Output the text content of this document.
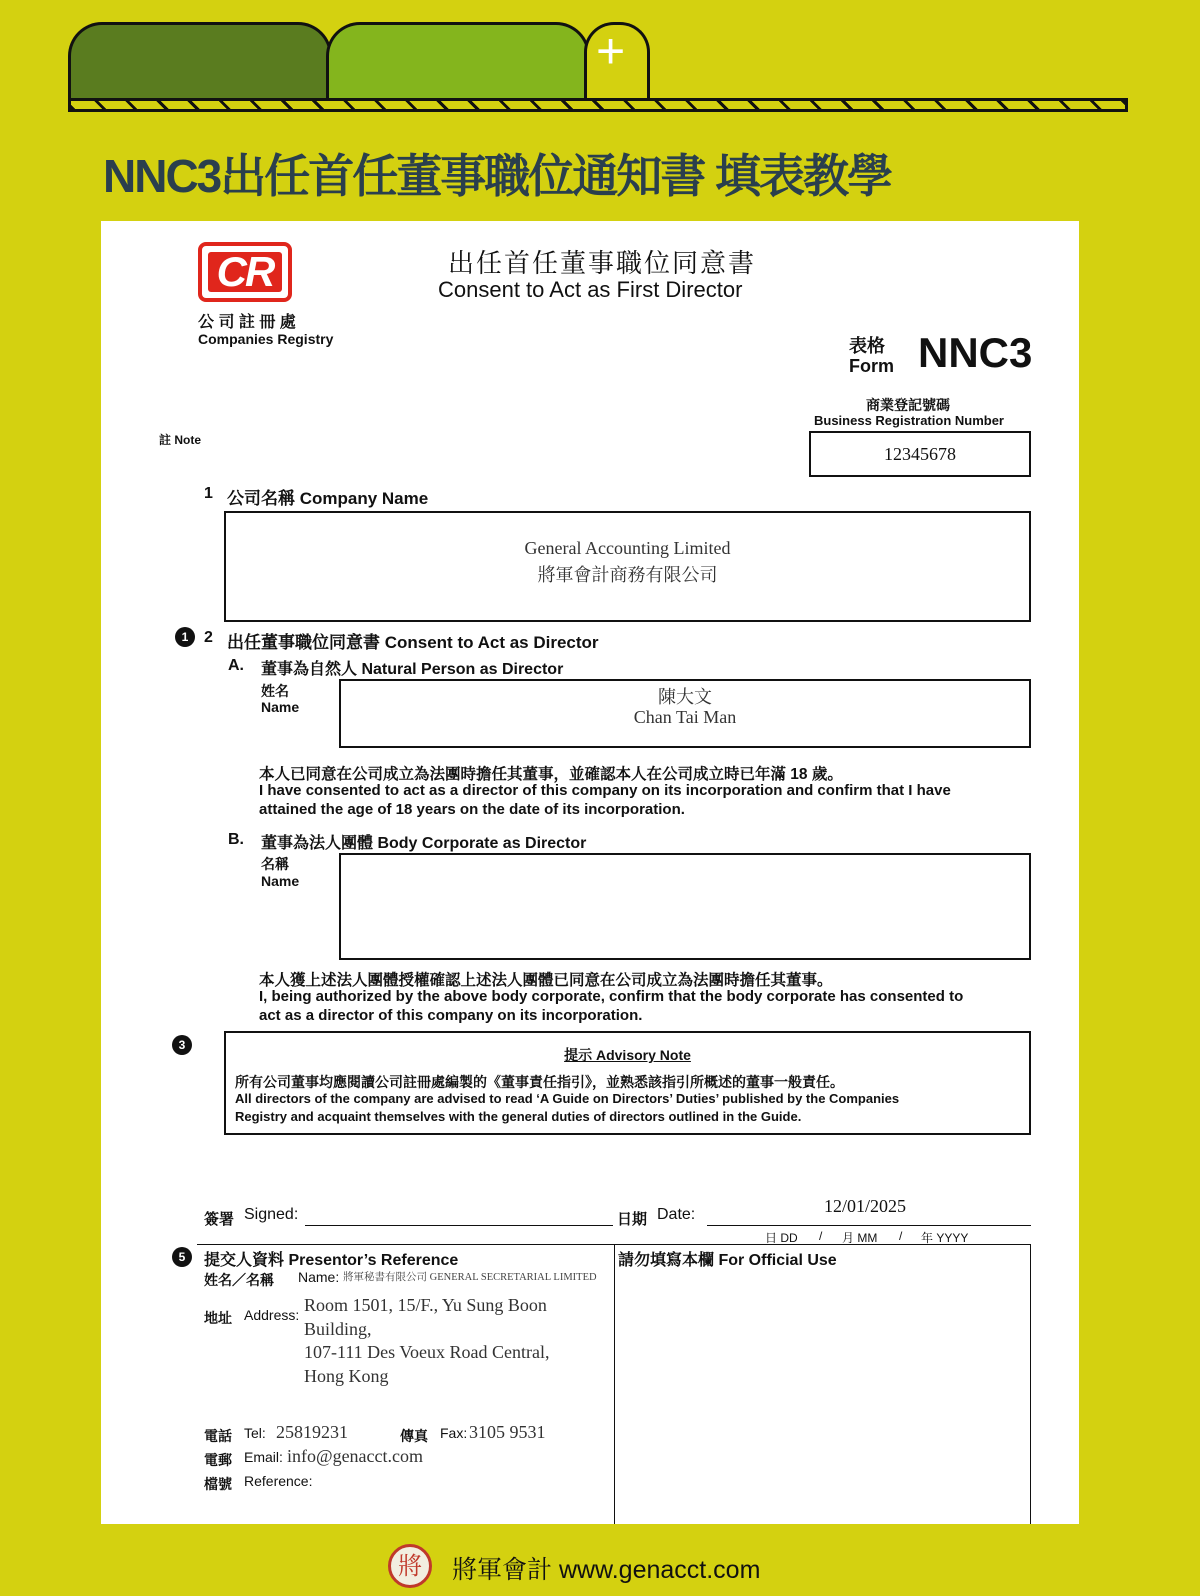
+
NNC3出任首任董事職位通知書 填表教學
CR
公 司 註 冊 處
Companies Registry
出任首任董事職位同意書
Consent to Act as First Director
表格
Form NNC3
商業登記號碼
Business Registration Number
12345678
註 Note
1 公司名稱 Company Name
General Accounting Limited
將軍會計商務有限公司
1 2 出任董事職位同意書 Consent to Act as Director
A. 董事為自然人 Natural Person as Director
姓名
Name	陳大文
Chan Tai Man
本人已同意在公司成立為法團時擔任其董事，並確認本人在公司成立時已年滿 18 歲。
I have consented to act as a director of this company on its incorporation and confirm that I have
attained the age of 18 years on the date of its incorporation.
B. 董事為法人團體 Body Corporate as Director
名稱
Name
本人獲上述法人團體授權確認上述法人團體已同意在公司成立為法團時擔任其董事。
I, being authorized by the above body corporate, confirm that the body corporate has consented to
act as a director of this company on its incorporation.
3
提示 Advisory Note
所有公司董事均應閱讀公司註冊處編製的《董事責任指引》，並熟悉該指引所概述的董事一般責任。
All directors of the company are advised to read ‘A Guide on Directors’ Duties’ published by the Companies
Registry and acquaint themselves with the general duties of directors outlined in the Guide.
簽署 Signed:	日期 Date:	12/01/2025
日 DD / 月 MM / 年 YYYY
5	提交人資料 Presentor’s Reference
姓名／名稱 Name: 將軍秘書有限公司 GENERAL SECRETARIAL LIMITED
地址 Address: Room 1501, 15/F., Yu Sung Boon
Building,
107-111 Des Voeux Road Central,
Hong Kong
電話 Tel: 25819231	傳真 Fax: 3105 9531
電郵 Email: info@genacct.com
檔號 Reference:
請勿填寫本欄 For Official Use
將	將軍會計 www.genacct.com
